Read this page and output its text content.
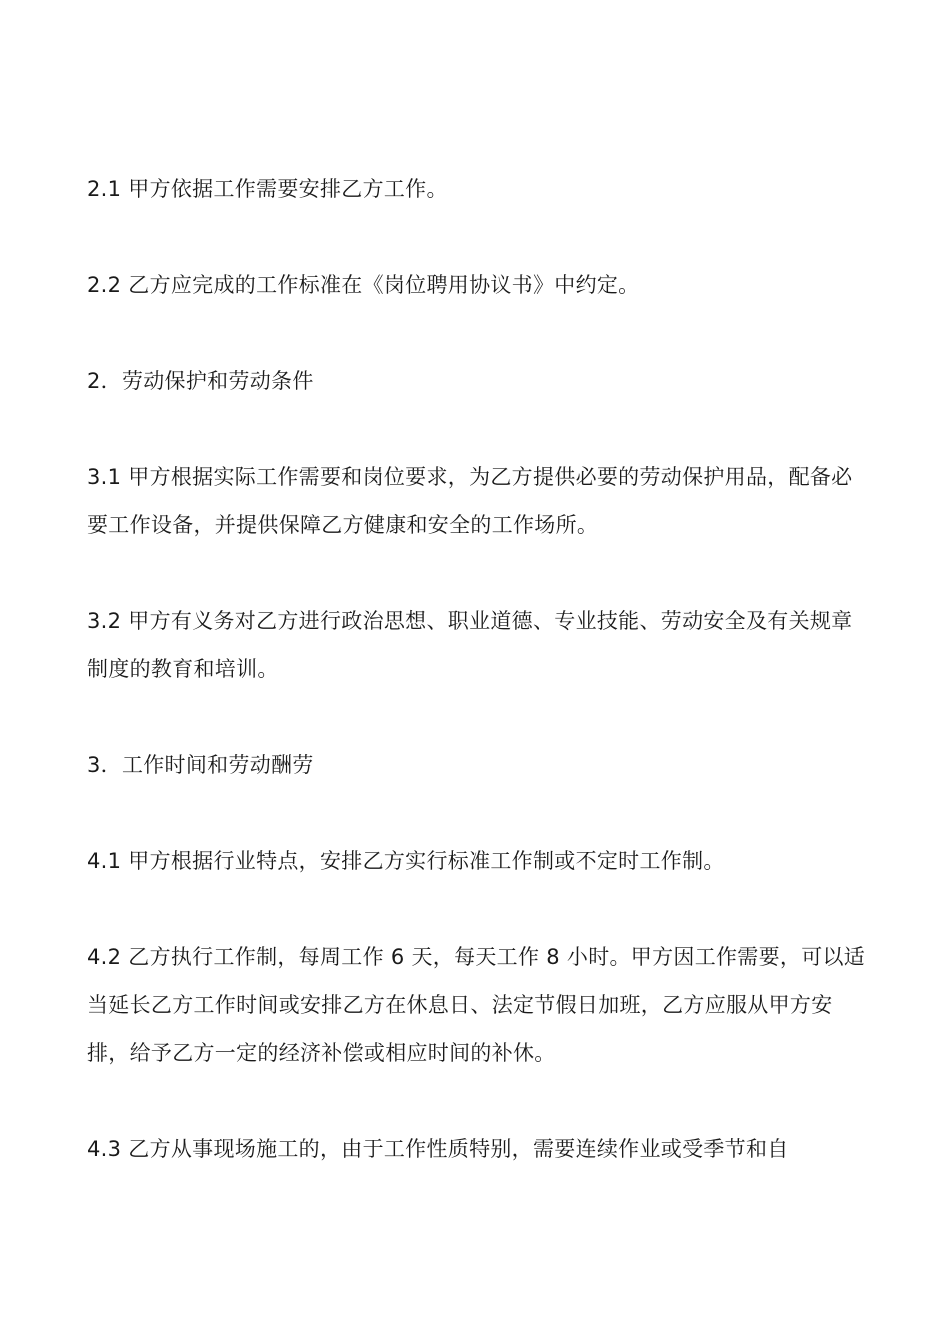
2.1 甲方依据工作需要安排乙方工作。

2.2 乙方应完成的工作标准在《岗位聘用协议书》中约定。

2．劳动保护和劳动条件

3.1 甲方根据实际工作需要和岗位要求，为乙方提供必要的劳动保护用品，配备必要工作设备，并提供保障乙方健康和安全的工作场所。

3.2 甲方有义务对乙方进行政治思想、职业道德、专业技能、劳动安全及有关规章制度的教育和培训。

3．工作时间和劳动酬劳

4.1 甲方根据行业特点，安排乙方实行标准工作制或不定时工作制。

4.2 乙方执行工作制，每周工作 6 天，每天工作 8 小时。甲方因工作需要，可以适当延长乙方工作时间或安排乙方在休息日、法定节假日加班，乙方应服从甲方安排，给予乙方一定的经济补偿或相应时间的补休。

4.3 乙方从事现场施工的，由于工作性质特别，需要连续作业或受季节和自
